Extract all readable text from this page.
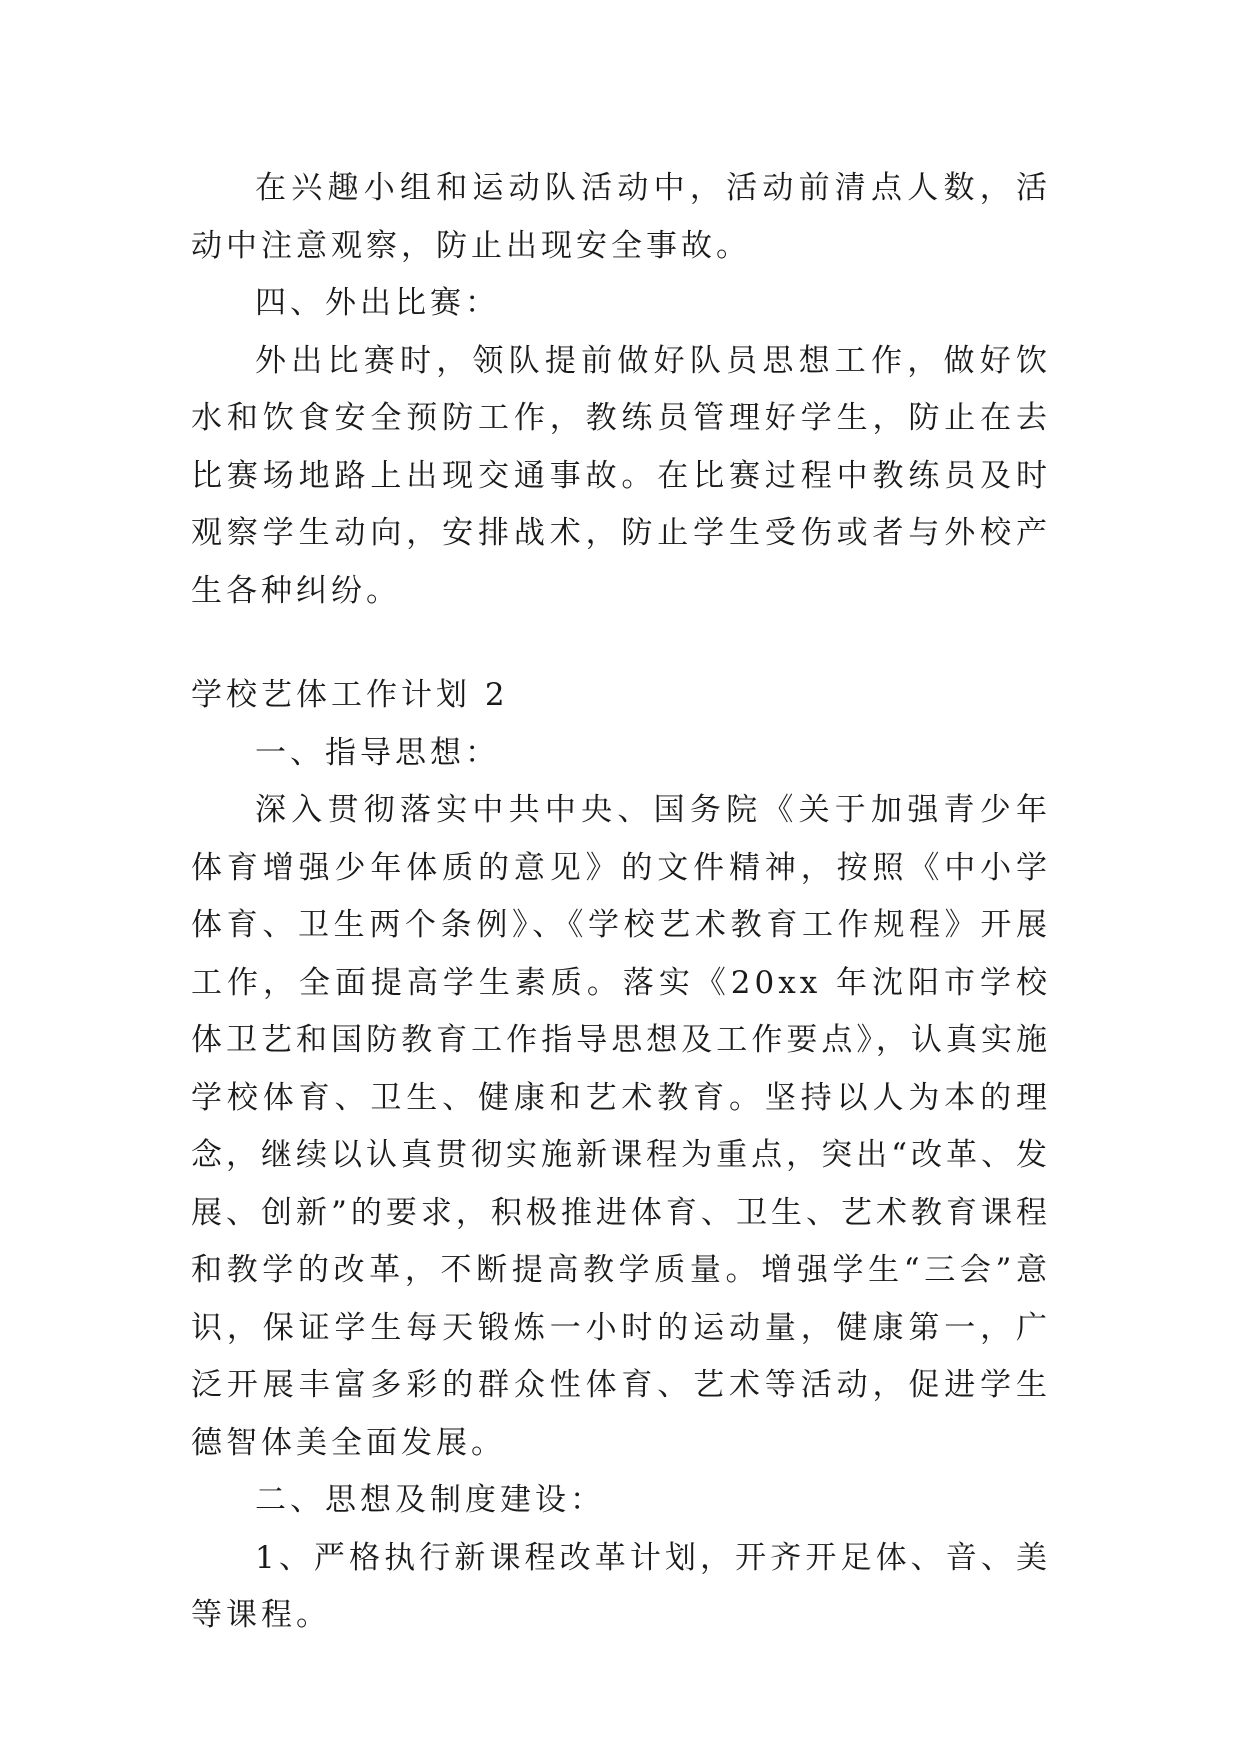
在兴趣小组和运动队活动中，活动前清点人数，活动中注意观察，防止出现安全事故。

四、外出比赛：

外出比赛时，领队提前做好队员思想工作，做好饮水和饮食安全预防工作，教练员管理好学生，防止在去比赛场地路上出现交通事故。在比赛过程中教练员及时观察学生动向，安排战术，防止学生受伤或者与外校产生各种纠纷。

学校艺体工作计划 2

一、指导思想：

深入贯彻落实中共中央、国务院《关于加强青少年体育增强少年体质的意见》的文件精神，按照《中小学体育、卫生两个条例》、《学校艺术教育工作规程》开展工作，全面提高学生素质。落实《20xx 年沈阳市学校体卫艺和国防教育工作指导思想及工作要点》，认真实施学校体育、卫生、健康和艺术教育。坚持以人为本的理念，继续以认真贯彻实施新课程为重点，突出“改革、发展、创新”的要求，积极推进体育、卫生、艺术教育课程和教学的改革，不断提高教学质量。增强学生“三会”意识，保证学生每天锻炼一小时的运动量，健康第一，广泛开展丰富多彩的群众性体育、艺术等活动，促进学生德智体美全面发展。

二、思想及制度建设：

1、严格执行新课程改革计划，开齐开足体、音、美等课程。
